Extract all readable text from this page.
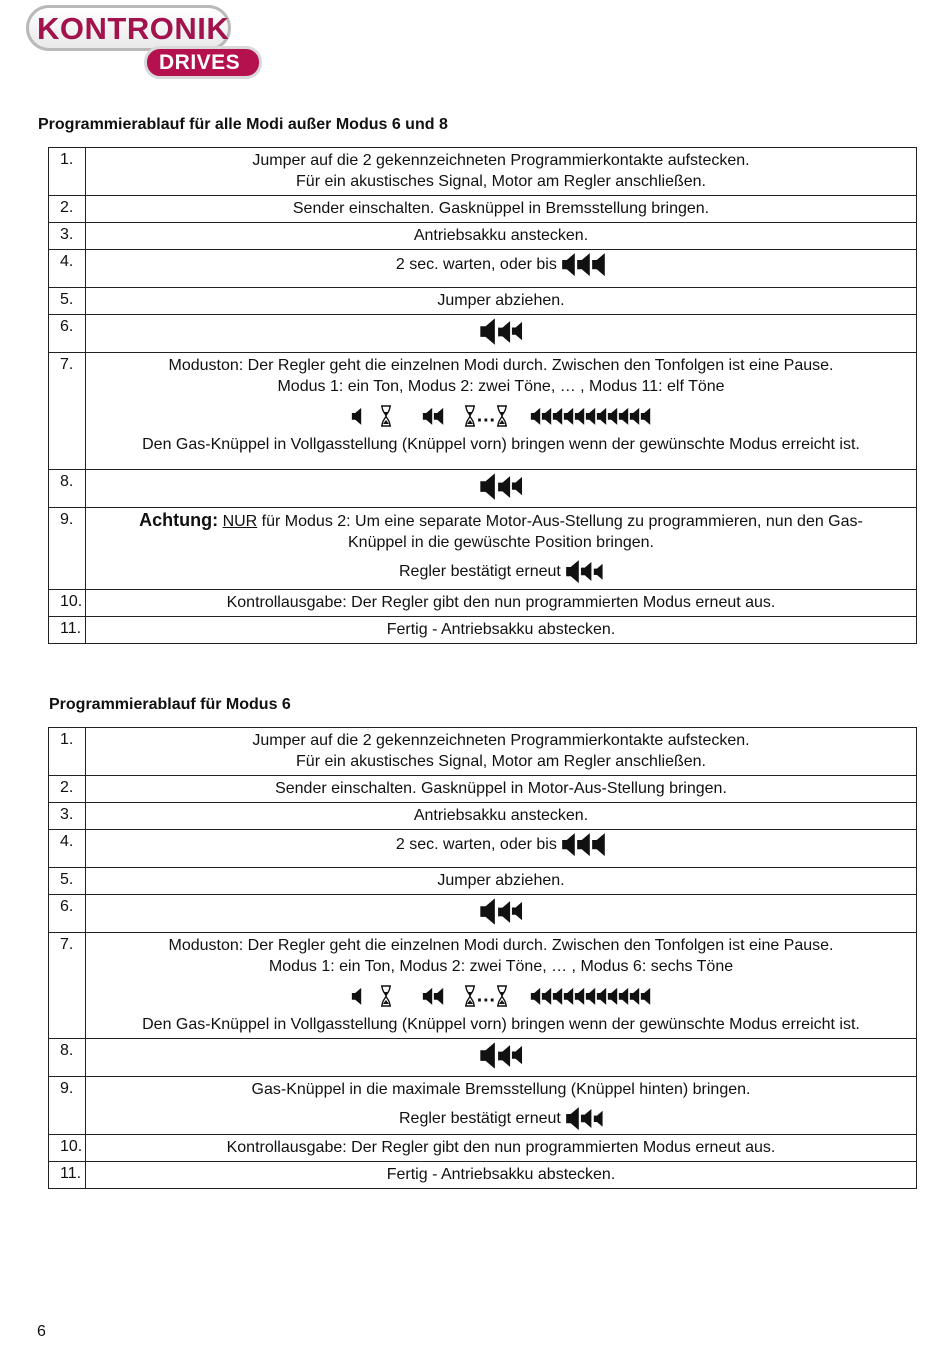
KONTRONIK
DRIVES
Programmierablauf für alle Modi außer Modus 6 und 8
1.	Jumper auf die 2 gekennzeichneten Programmierkontakte aufstecken.
Für ein akustisches Signal, Motor am Regler anschließen.

2.	Sender einschalten. Gasknüppel in Bremsstellung bringen.
3.	Antriebsakku anstecken.
4.	2 sec. warten, oder bis
5.	Jumper abziehen.
6.	
7.	Moduston: Der Regler geht die einzelnen Modi durch. Zwischen den Tonfolgen ist eine Pause.
Modus 1: ein Ton, Modus 2: zwei Töne, … , Modus 11: elf Töne
…
Den Gas-Knüppel in Vollgasstellung (Knüppel vorn) bringen wenn der gewünschte Modus erreicht ist.

8.	
9.	Achtung: NUR für Modus 2: Um eine separate Motor-Aus-Stellung zu programmieren, nun den Gas-
Knüppel in die gewüschte Position bringen.
Regler bestätigt erneut

10.	Kontrollausgabe: Der Regler gibt den nun programmierten Modus erneut aus.
11.	Fertig - Antriebsakku abstecken.
Programmierablauf für Modus 6
1.	Jumper auf die 2 gekennzeichneten Programmierkontakte aufstecken.
Für ein akustisches Signal, Motor am Regler anschließen.

2.	Sender einschalten. Gasknüppel in Motor-Aus-Stellung bringen.
3.	Antriebsakku anstecken.
4.	2 sec. warten, oder bis
5.	Jumper abziehen.
6.	
7.	Moduston: Der Regler geht die einzelnen Modi durch. Zwischen den Tonfolgen ist eine Pause.
Modus 1: ein Ton, Modus 2: zwei Töne, … , Modus 6: sechs Töne
…
Den Gas-Knüppel in Vollgasstellung (Knüppel vorn) bringen wenn der gewünschte Modus erreicht ist.

8.	
9.	Gas-Knüppel in die maximale Bremsstellung (Knüppel hinten) bringen.
Regler bestätigt erneut

10.	Kontrollausgabe: Der Regler gibt den nun programmierten Modus erneut aus.
11.	Fertig - Antriebsakku abstecken.
6
